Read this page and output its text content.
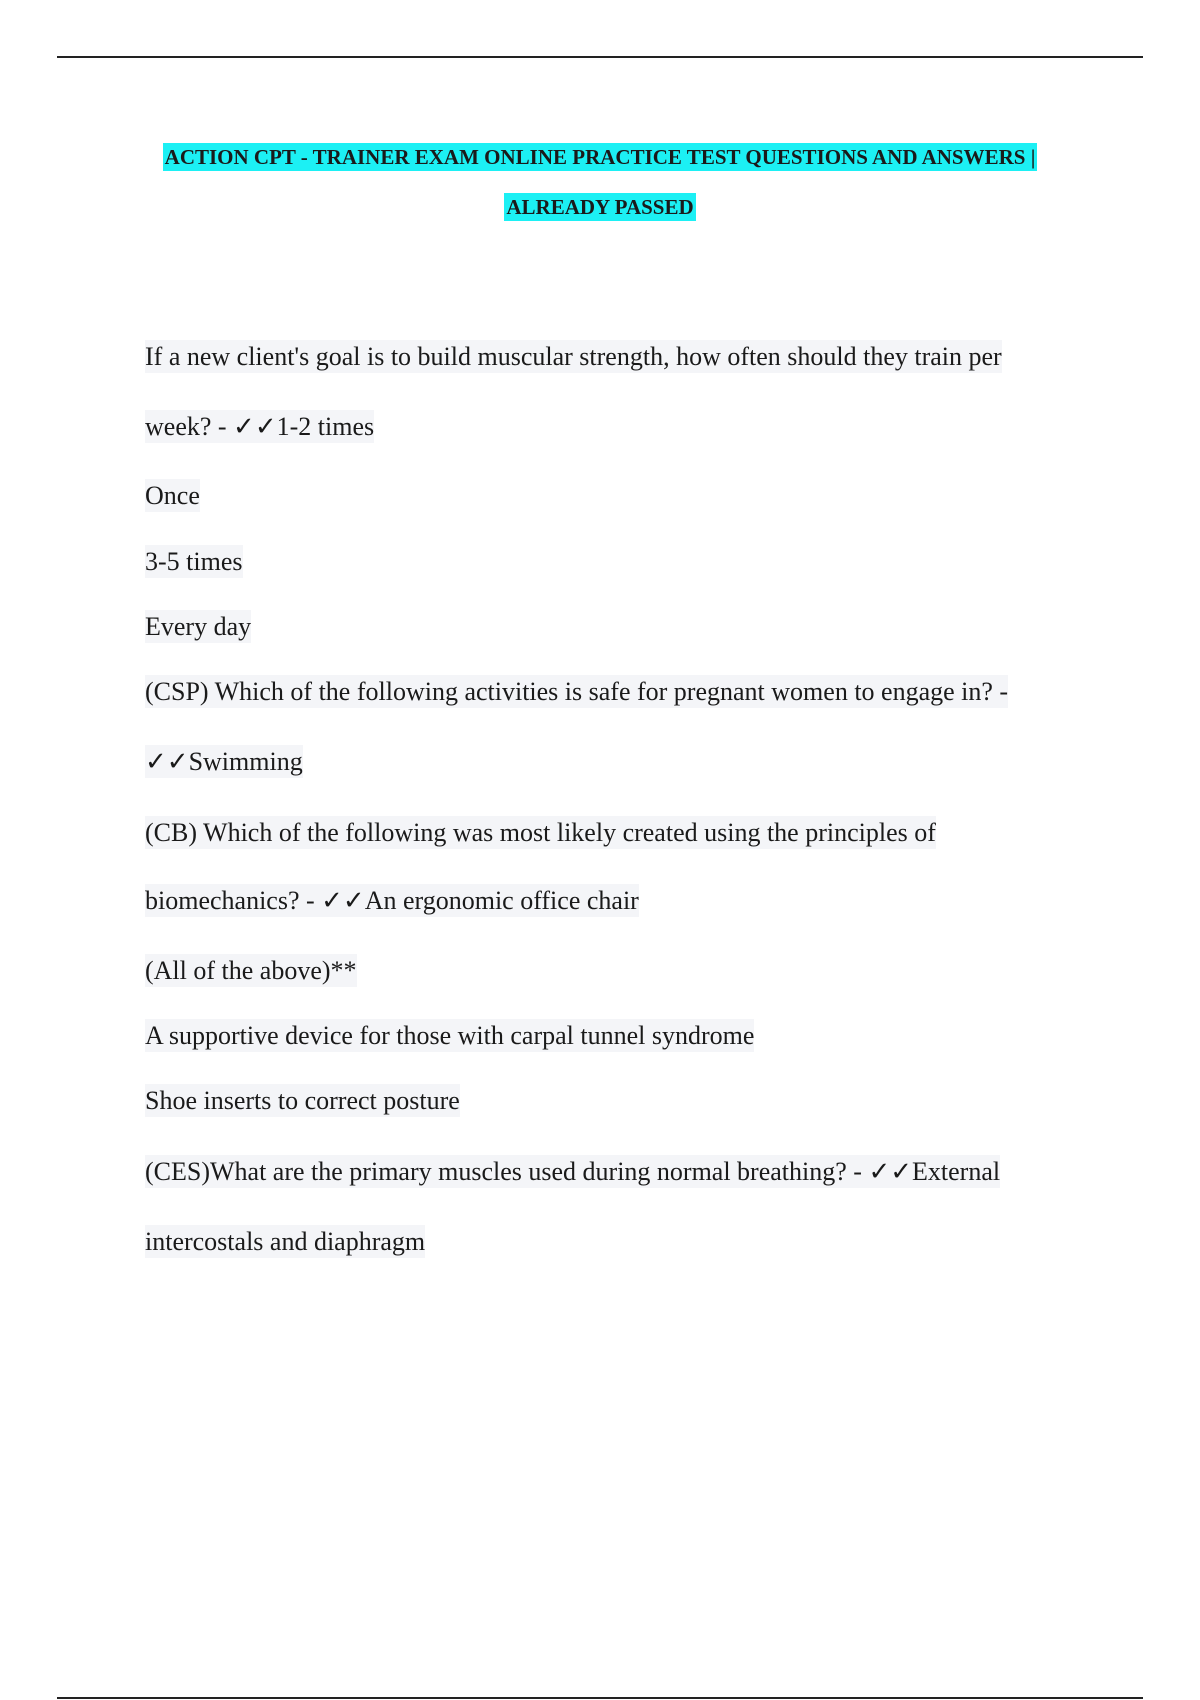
ACTION CPT - TRAINER EXAM ONLINE PRACTICE TEST QUESTIONS AND ANSWERS |
ALREADY PASSED
If a new client's goal is to build muscular strength, how often should they train per
week? - ✓✓1-2 times
Once
3-5 times
Every day
(CSP) Which of the following activities is safe for pregnant women to engage in? -
✓✓Swimming
(CB) Which of the following was most likely created using the principles of
biomechanics? - ✓✓An ergonomic office chair
(All of the above)**
A supportive device for those with carpal tunnel syndrome
Shoe inserts to correct posture
(CES)What are the primary muscles used during normal breathing? - ✓✓External
intercostals and diaphragm
